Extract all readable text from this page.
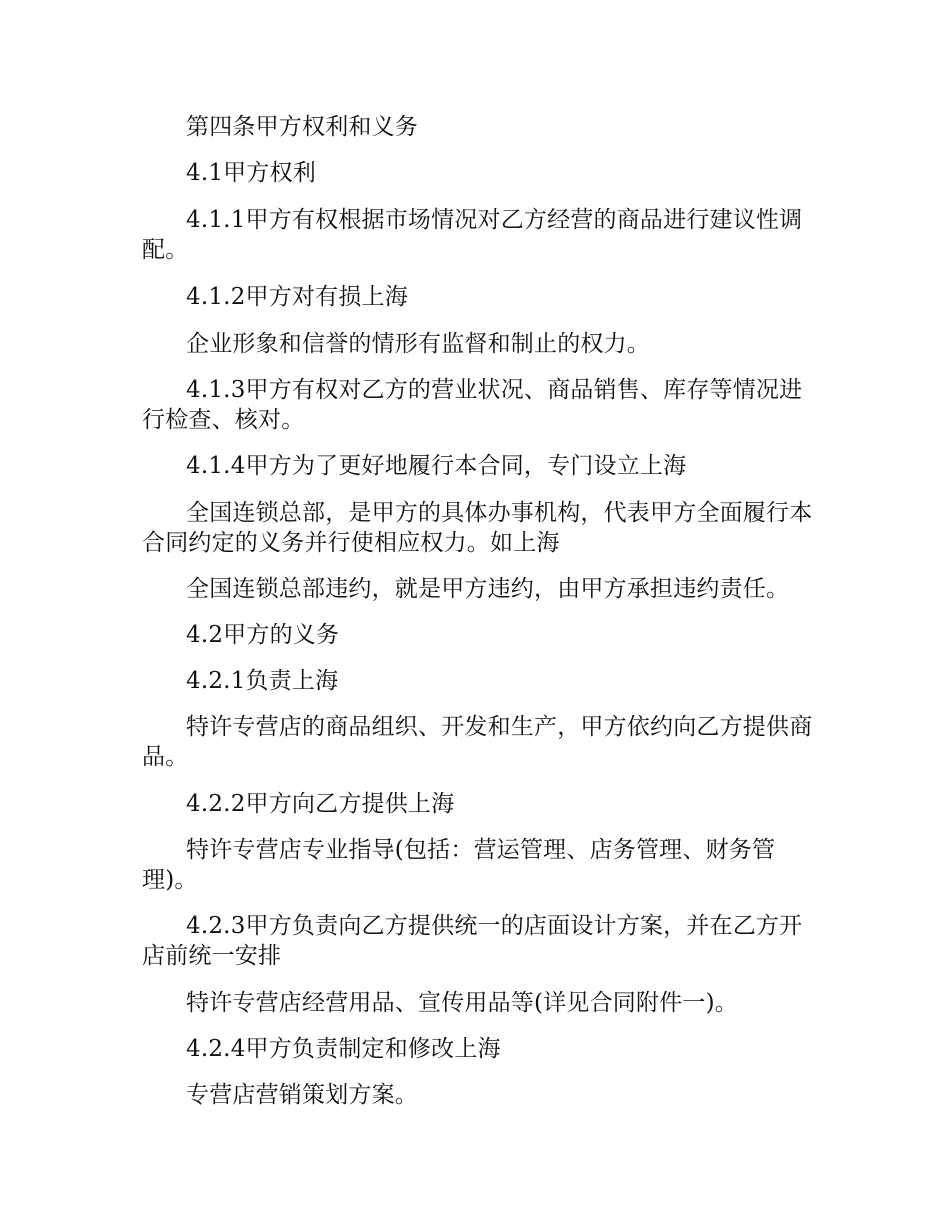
第四条甲方权利和义务

4.1甲方权利

4.1.1甲方有权根据市场情况对乙方经营的商品进行建议性调配。

4.1.2甲方对有损上海

企业形象和信誉的情形有监督和制止的权力。

4.1.3甲方有权对乙方的营业状况、商品销售、库存等情况进行检查、核对。

4.1.4甲方为了更好地履行本合同，专门设立上海

全国连锁总部，是甲方的具体办事机构，代表甲方全面履行本合同约定的义务并行使相应权力。如上海

全国连锁总部违约，就是甲方违约，由甲方承担违约责任。

4.2甲方的义务

4.2.1负责上海

特许专营店的商品组织、开发和生产，甲方依约向乙方提供商品。

4.2.2甲方向乙方提供上海

特许专营店专业指导(包括：营运管理、店务管理、财务管理)。

4.2.3甲方负责向乙方提供统一的店面设计方案，并在乙方开店前统一安排

特许专营店经营用品、宣传用品等(详见合同附件一)。

4.2.4甲方负责制定和修改上海

专营店营销策划方案。
